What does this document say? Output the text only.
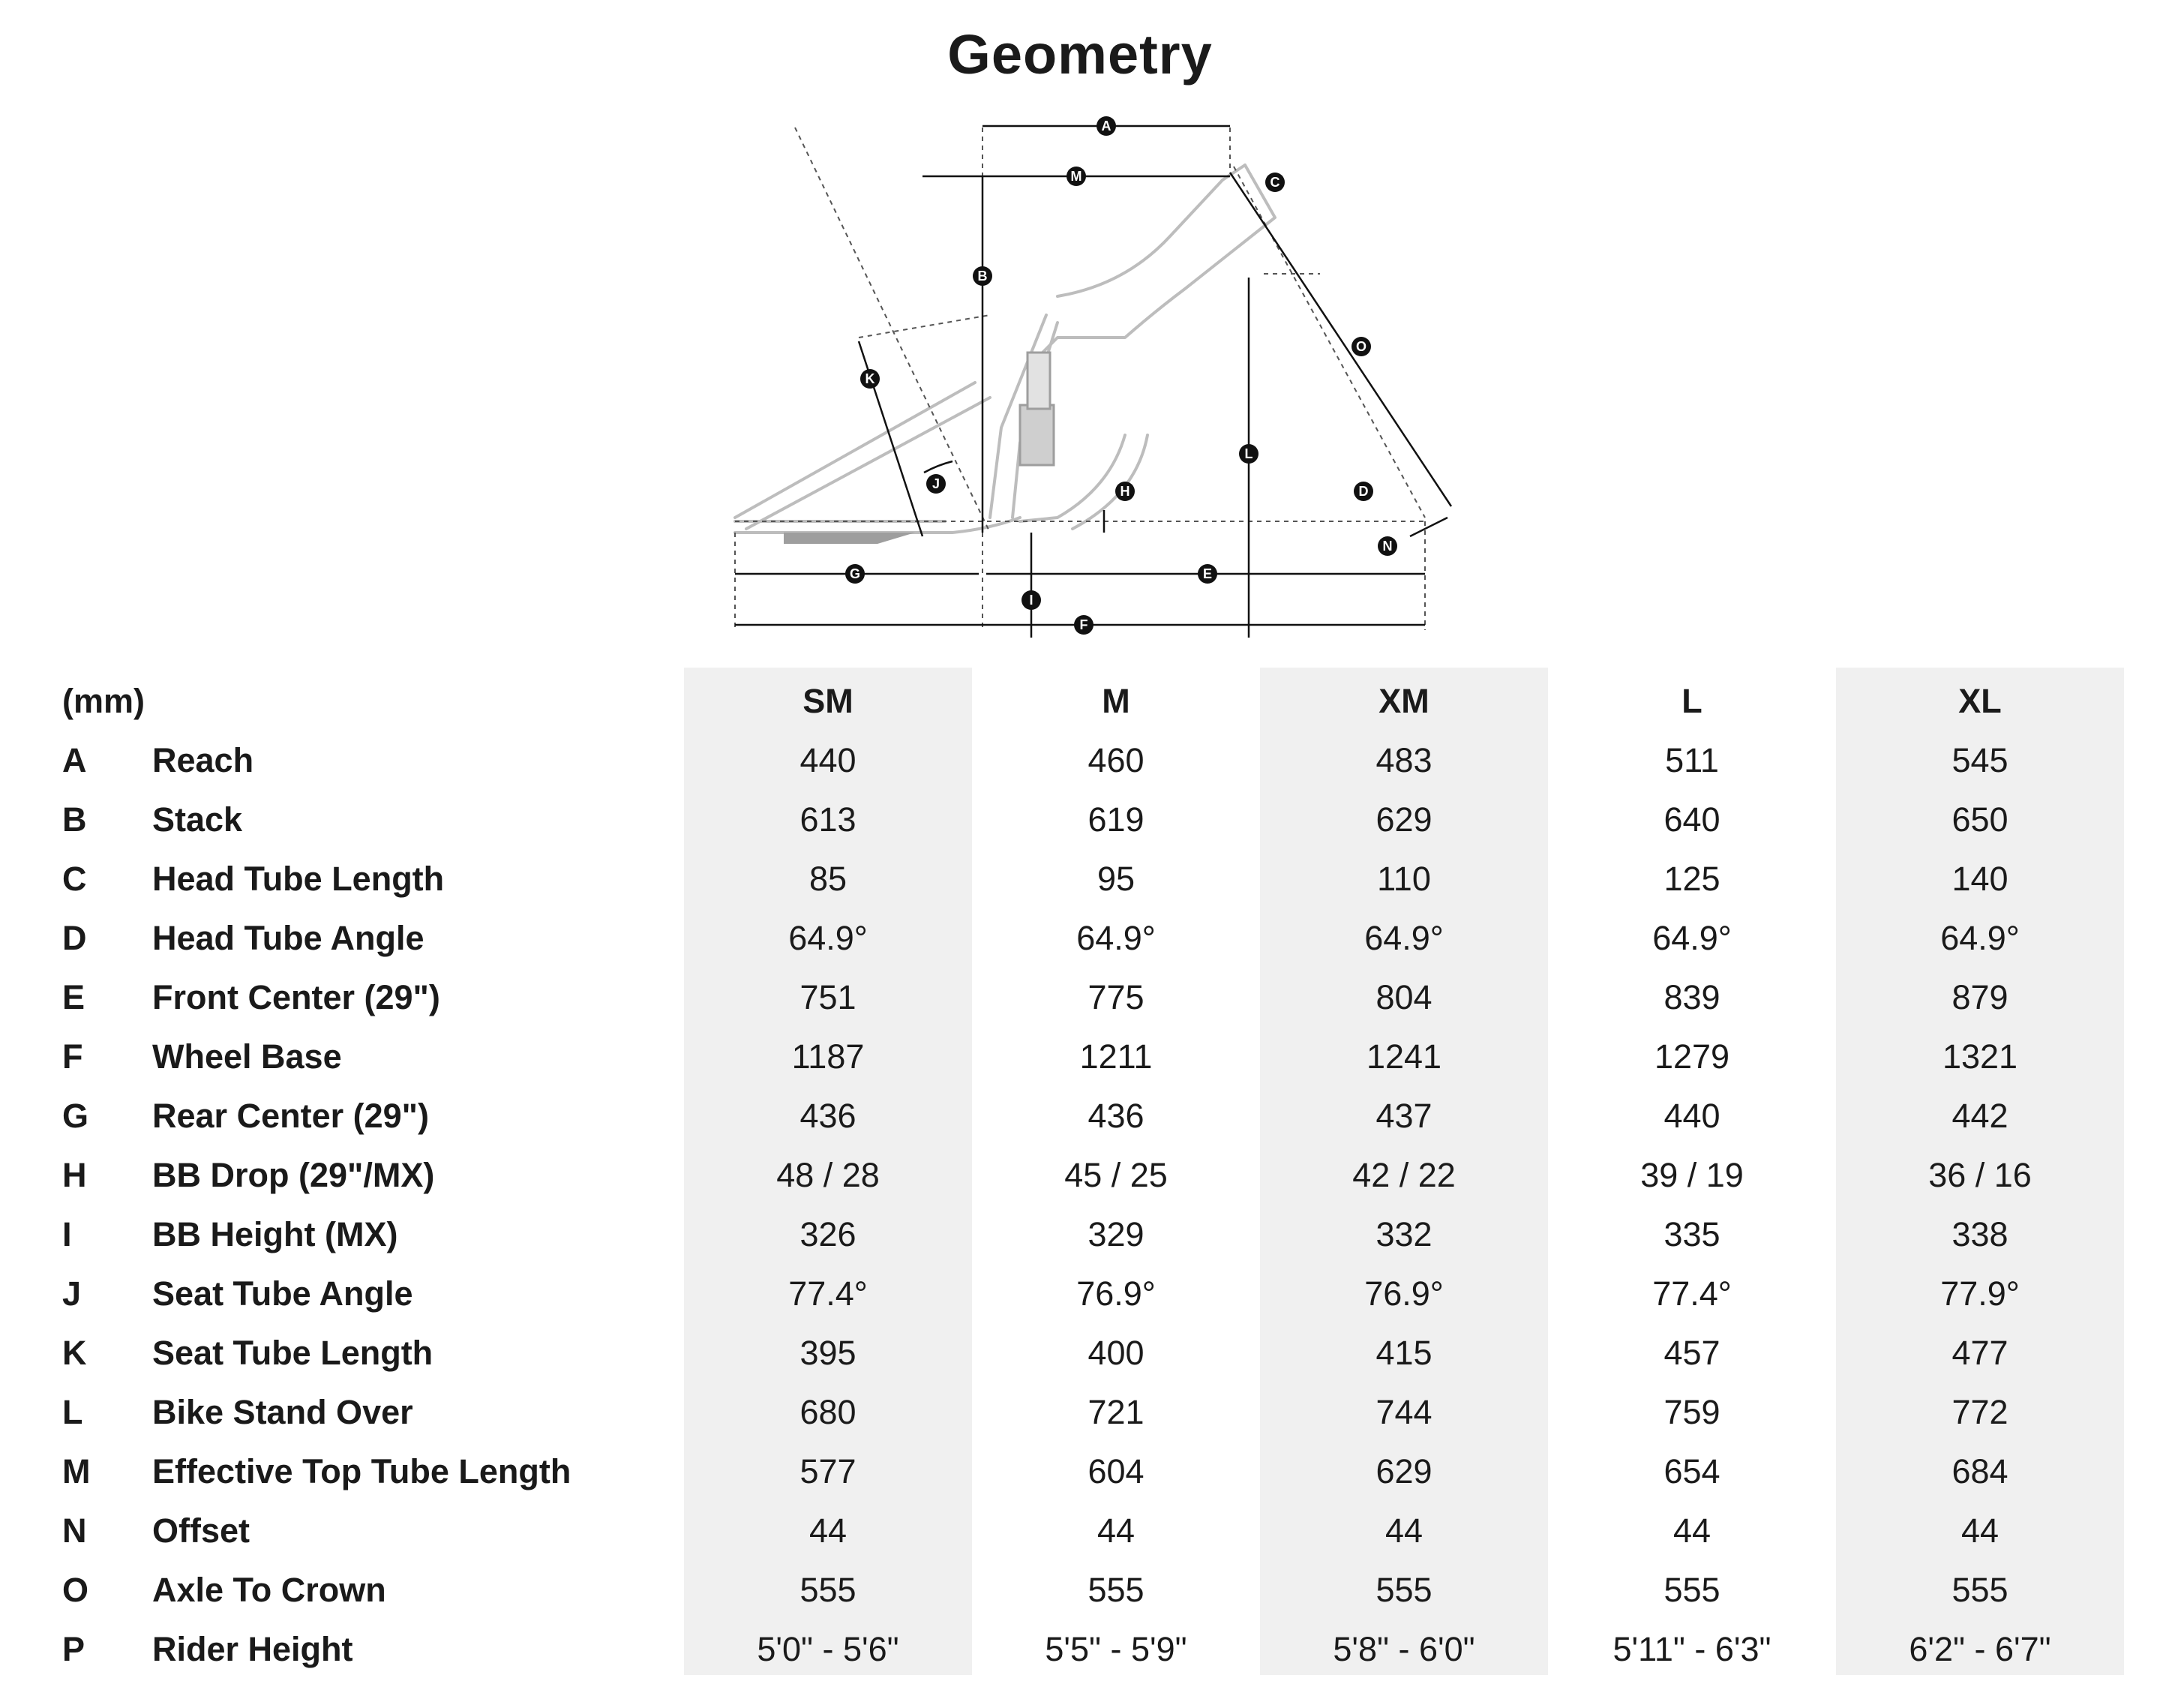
Geometry
A
M	C
B
O
K
L
J	H	D
N
G	E
I
F
(mm)	SM	M	XM	L	XL
A Reach	440	460	483	511	545
B Stack	613	619	629	640	650
C Head Tube Length	85	95	110	125	140
D Head Tube Angle	64.9°	64.9°	64.9°	64.9°	64.9°
E Front Center (29")	751	775	804	839	879
F Wheel Base	1187	1211	1241	1279	1321
G Rear Center (29")	436	436	437	440	442
H BB Drop (29"/MX)	48 / 28	45 / 25	42 / 22	39 / 19	36 / 16
I BB Height (MX)	326	329	332	335	338
J Seat Tube Angle	77.4°	76.9°	76.9°	77.4°	77.9°
K Seat Tube Length	395	400	415	457	477
L Bike Stand Over	680	721	744	759	772
M Effective Top Tube Length	577	604	629	654	684
N Offset	44	44	44	44	44
O Axle To Crown	555	555	555	555	555
P Rider Height	5'0" - 5'6"	5'5" - 5'9"	5'8" - 6'0"	5'11" - 6'3"	6'2" - 6'7"
